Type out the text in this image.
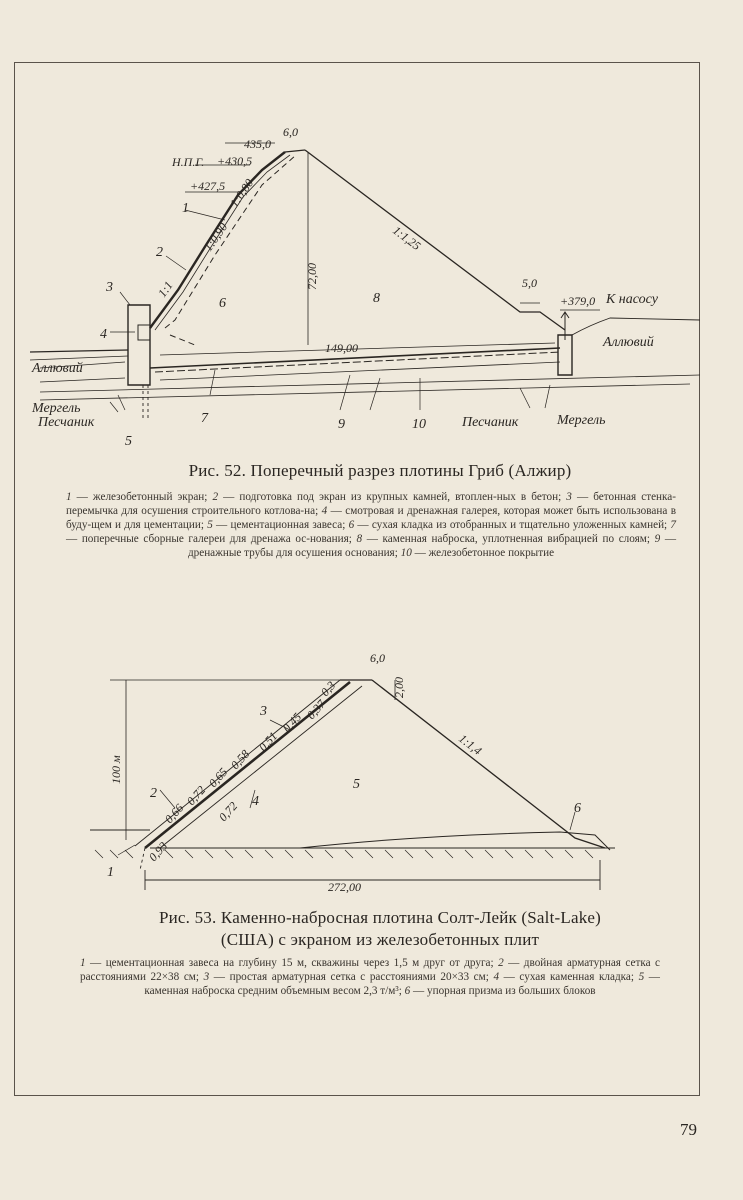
6,0
435,0
Н.П.Г. +430,5
+427,5 1:0,80
1:0,90
1:1
1:1,25
72,00
149,00
5,0
+379,0 К насосу
Аллювий
Аллювий
Мергель
Песчаник	Песчаник	Мергель
1
2
3
4
5
6
7
8
9	10
Рис. 52. Поперечный разрез плотины Гриб (Алжир)
1 — железобетонный экран; 2 — подготовка под экран из крупных камней, втоплен-ных в бетон; 3 — бетонная стенка-перемычка для осушения строительного котлова-на; 4 — смотровая и дренажная галерея, которая может быть использована в буду-щем и для цементации; 5 — цементационная завеса; 6 — сухая кладка из отобранных и тщательно уложенных камней; 7 — поперечные сборные галереи для дренажа ос-нования; 8 — каменная наброска, уплотненная вибрацией по слоям; 9 — дренажные трубы для осушения основания; 10 — железобетонное покрытие
6,0
2,00
100 м
1:1,4
272,00
0,3
0,37
0,45
0,51
0,58
0,65
0,72
0,66 0,72
0,93
1
2
3
4
5
6
Рис. 53. Каменно-набросная плотина Солт-Лейк (Salt-Lake)
(США) с экраном из железобетонных плит
1 — цементационная завеса на глубину 15 м, скважины через 1,5 м друг от друга; 2 — двойная арматурная сетка с расстояниями 22×38 см; 3 — простая арматурная сетка с расстояниями 20×33 см; 4 — сухая каменная кладка; 5 — каменная наброска средним объемным весом 2,3 т/м³; 6 — упорная призма из больших блоков
79
